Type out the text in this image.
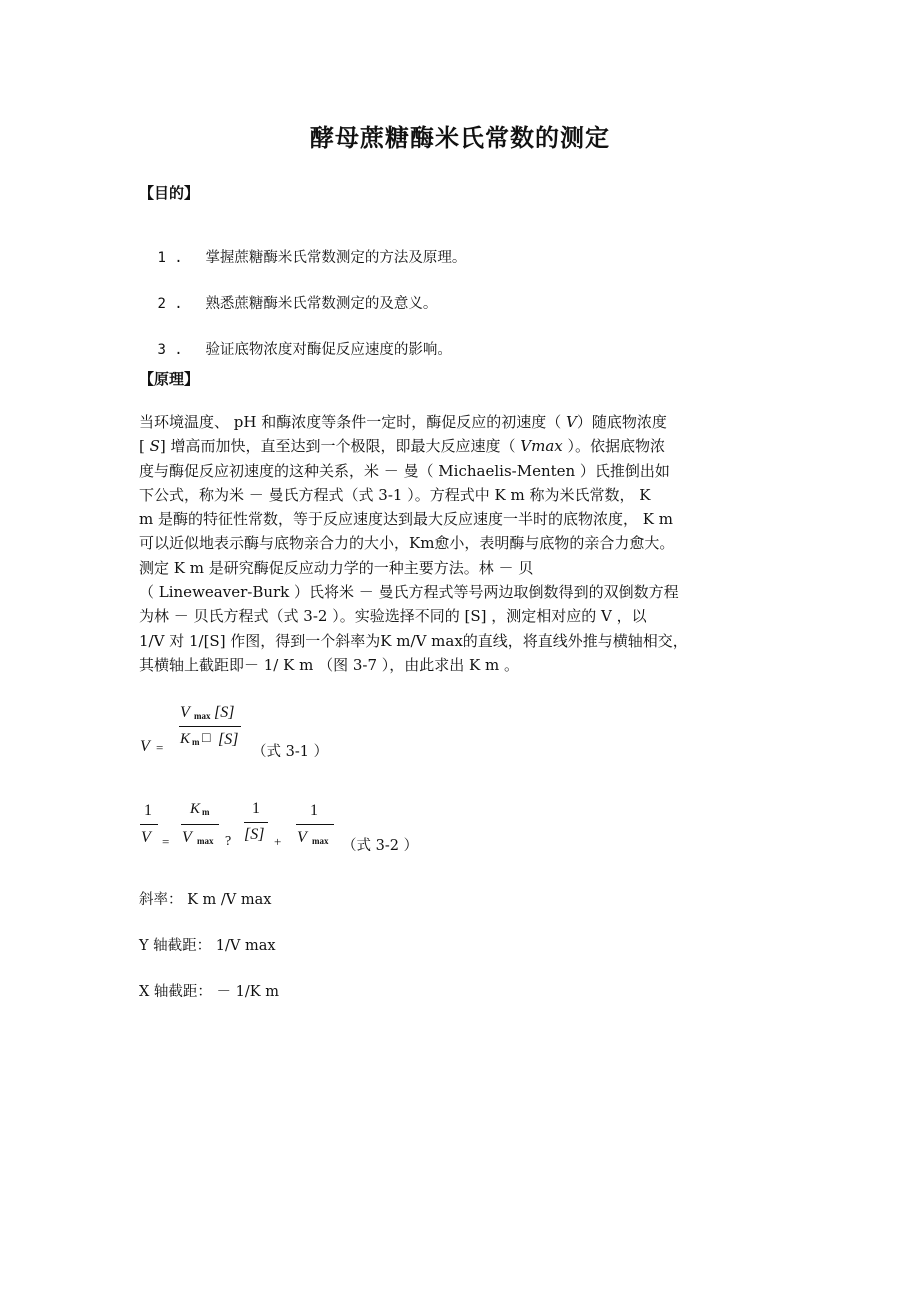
酵母蔗糖酶米氏常数的测定
【目的】

1 . 掌握蔗糖酶米氏常数测定的方法及原理。

2 . 熟悉蔗糖酶米氏常数测定的及意义。

3 . 验证底物浓度对酶促反应速度的影响。

【原理】
当环境温度、 pH 和酶浓度等条件一定时，酶促反应的初速度（ V）随底物浓度
[ S] 增高而加快，直至达到一个极限，即最大反应速度（ Vmax ）。依据底物浓
度与酶促反应初速度的这种关系，米 － 曼（ Michaelis-Menten ）氏推倒出如
下公式，称为米 － 曼氏方程式（式 3-1 ）。方程式中 K m 称为米氏常数， K
m 是酶的特征性常数，等于反应速度达到最大反应速度一半时的底物浓度， K m
可以近似地表示酶与底物亲合力的大小，Km愈小，表明酶与底物的亲合力愈大。
测定 K m 是研究酶促反应动力学的一种主要方法。林 － 贝
（ Lineweaver-Burk ）氏将米 － 曼氏方程式等号两边取倒数得到的双倒数方程
为林 － 贝氏方程式（式 3-2 ）。实验选择不同的 [S] ，测定相对应的 V ，以
1/V 对 1/[S] 作图，得到一个斜率为K m/V max的直线，将直线外推与横轴相交，
其横轴上截距即－ 1/ K m （图 3-7 ），由此求出 K m 。
V =
V max [S]
K m □ [S]
（式 3-1 ）
1
V =
K m
V max ?
1
[S] +
1
V max （式 3-2 ）
斜率： K m /V max
Y 轴截距： 1/V max
X 轴截距： － 1/K m
